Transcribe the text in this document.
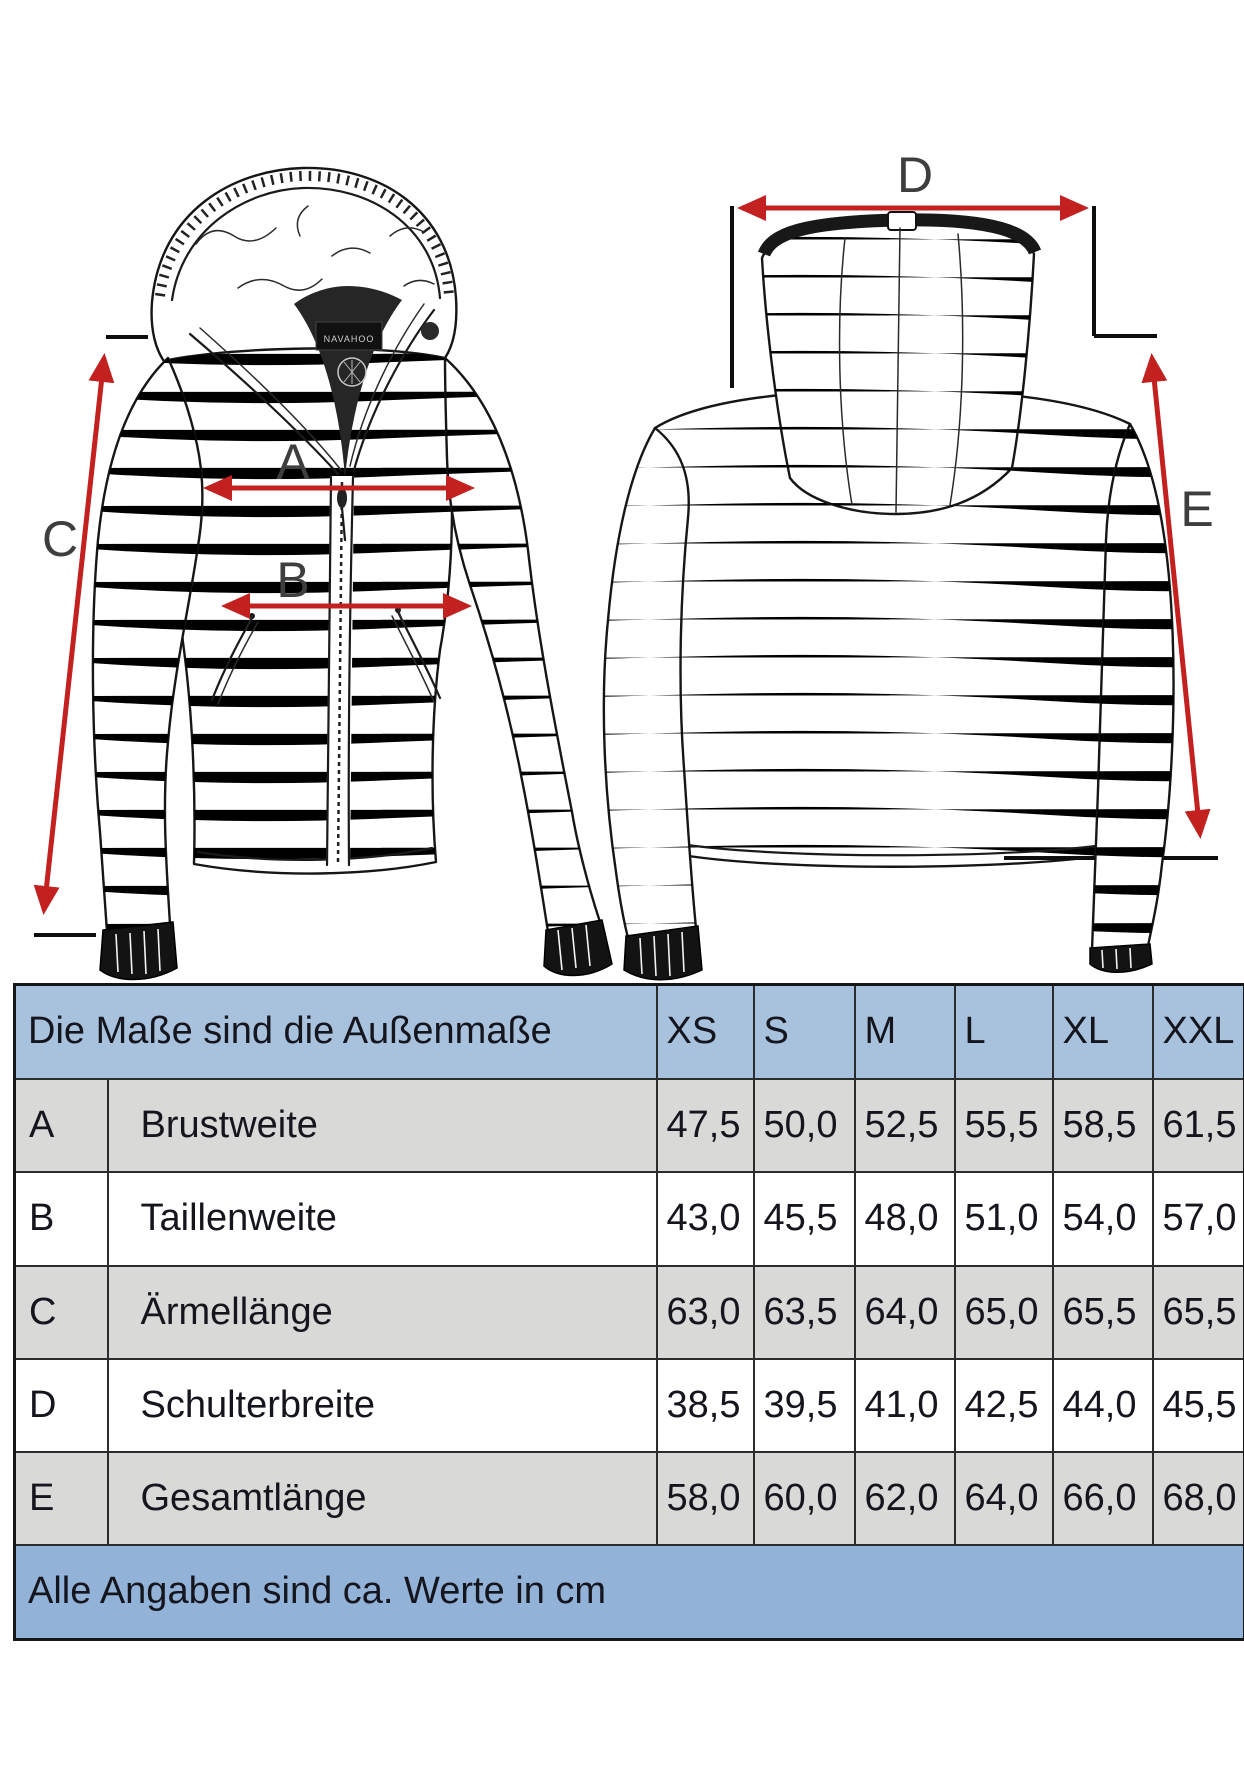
NAVAHOO
A
B
C
D
E
Die Maße sind die Außenmaße		XS	S	M	L	XL	XXL
A	Brustweite	47,5	50,0	52,5	55,5	58,5	61,5
B	Taillenweite	43,0	45,5	48,0	51,0	54,0	57,0
C	Ärmellänge	63,0	63,5	64,0	65,0	65,5	65,5
D	Schulterbreite	38,5	39,5	41,0	42,5	44,0	45,5
E	Gesamtlänge	58,0	60,0	62,0	64,0	66,0	68,0
Alle Angaben sind ca. Werte in cm							
